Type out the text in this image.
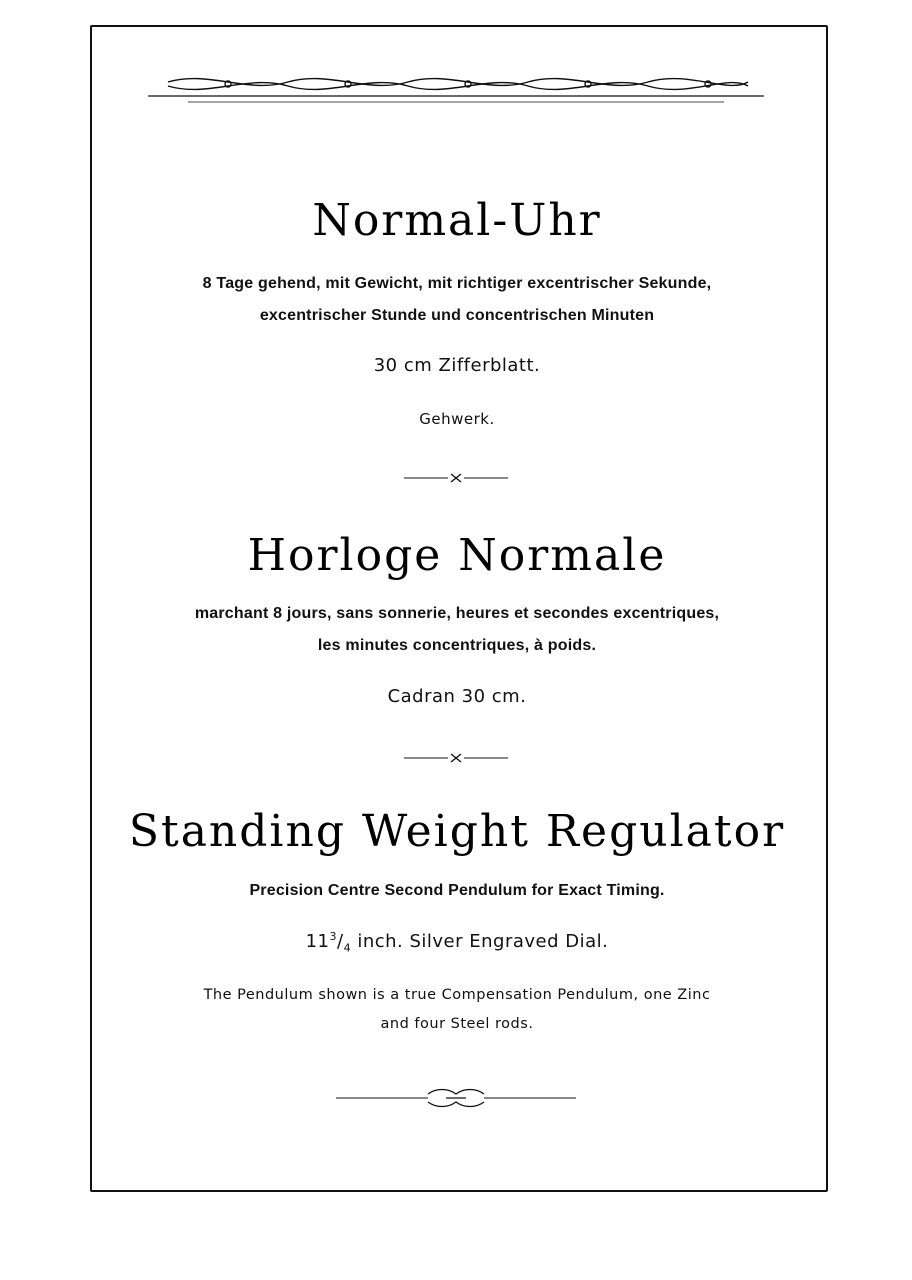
Normal-Uhr
8 Tage gehend, mit Gewicht, mit richtiger excentrischer Sekunde,
excentrischer Stunde und concentrischen Minuten
30 cm Zifferblatt.
Gehwerk.
Horloge Normale
marchant 8 jours, sans sonnerie, heures et secondes excentriques,
les minutes concentriques, à poids.
Cadran 30 cm.
Standing Weight Regulator
Precision Centre Second Pendulum for Exact Timing.
$11^3/_4$ inch. Silver Engraved Dial.
The Pendulum shown is a true Compensation Pendulum, one Zinc
and four Steel rods.
